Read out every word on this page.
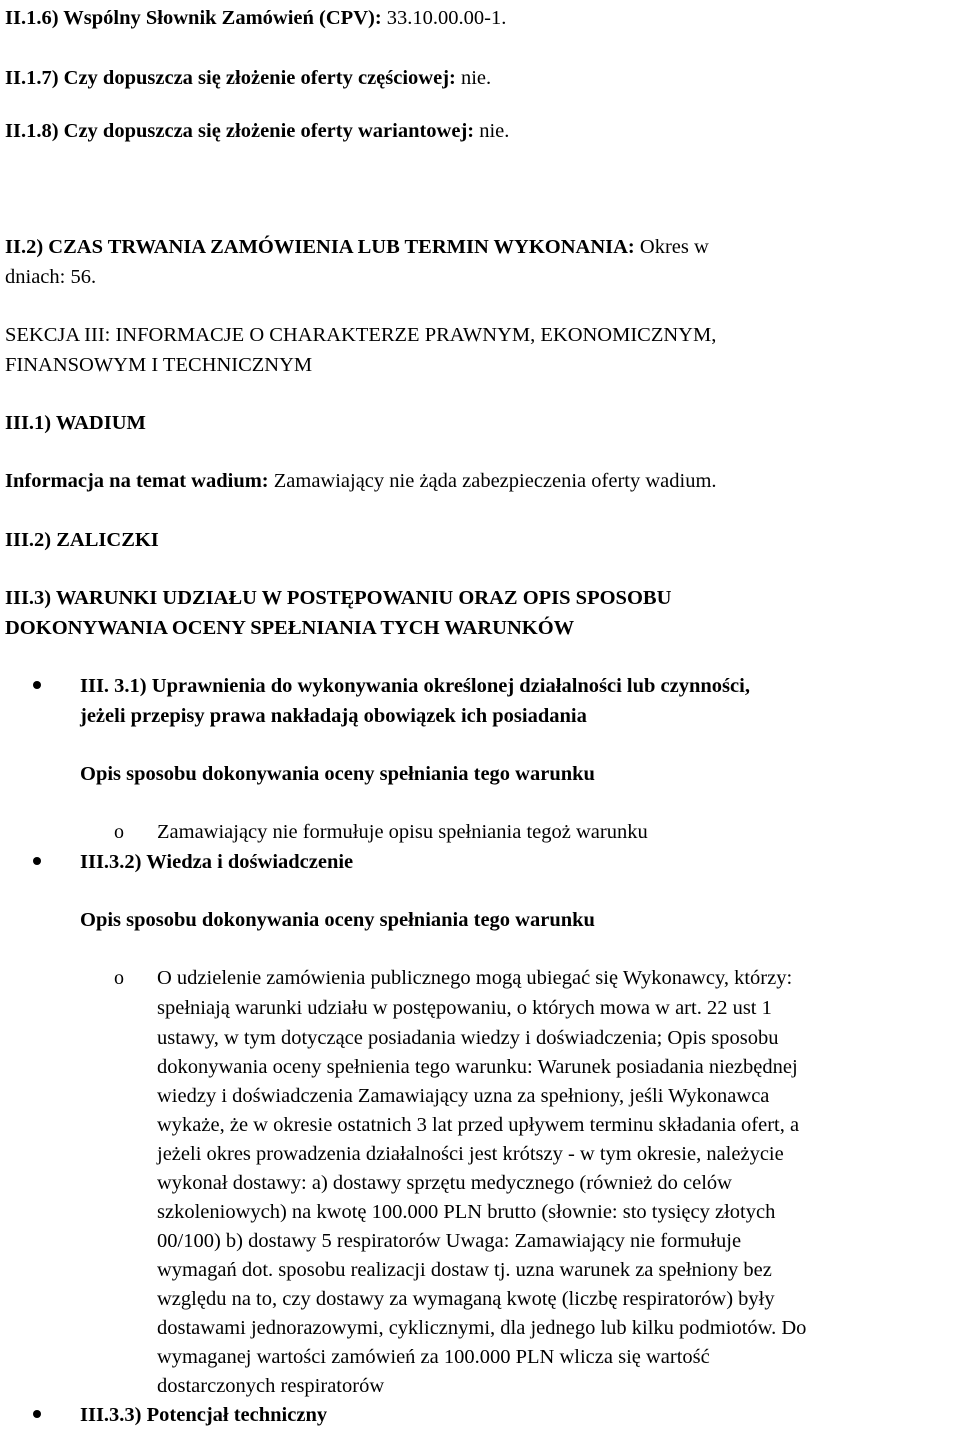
II.1.6) Wspólny Słownik Zamówień (CPV): 33.10.00.00-1.
II.1.7) Czy dopuszcza się złożenie oferty częściowej: nie.
II.1.8) Czy dopuszcza się złożenie oferty wariantowej: nie.
II.2) CZAS TRWANIA ZAMÓWIENIA LUB TERMIN WYKONANIA: Okres w
dniach: 56.
SEKCJA III: INFORMACJE O CHARAKTERZE PRAWNYM, EKONOMICZNYM,
FINANSOWYM I TECHNICZNYM
III.1) WADIUM
Informacja na temat wadium: Zamawiający nie żąda zabezpieczenia oferty wadium.
III.2) ZALICZKI
III.3) WARUNKI UDZIAŁU W POSTĘPOWANIU ORAZ OPIS SPOSOBU
DOKONYWANIA OCENY SPEŁNIANIA TYCH WARUNKÓW
III. 3.1) Uprawnienia do wykonywania określonej działalności lub czynności,
jeżeli przepisy prawa nakładają obowiązek ich posiadania
Opis sposobu dokonywania oceny spełniania tego warunku
o Zamawiający nie formułuje opisu spełniania tegoż warunku
III.3.2) Wiedza i doświadczenie
Opis sposobu dokonywania oceny spełniania tego warunku
o O udzielenie zamówienia publicznego mogą ubiegać się Wykonawcy, którzy:
spełniają warunki udziału w postępowaniu, o których mowa w art. 22 ust 1
ustawy, w tym dotyczące posiadania wiedzy i doświadczenia; Opis sposobu
dokonywania oceny spełnienia tego warunku: Warunek posiadania niezbędnej
wiedzy i doświadczenia Zamawiający uzna za spełniony, jeśli Wykonawca
wykaże, że w okresie ostatnich 3 lat przed upływem terminu składania ofert, a
jeżeli okres prowadzenia działalności jest krótszy - w tym okresie, należycie
wykonał dostawy: a) dostawy sprzętu medycznego (również do celów
szkoleniowych) na kwotę 100.000 PLN brutto (słownie: sto tysięcy złotych
00/100) b) dostawy 5 respiratorów Uwaga: Zamawiający nie formułuje
wymagań dot. sposobu realizacji dostaw tj. uzna warunek za spełniony bez
względu na to, czy dostawy za wymaganą kwotę (liczbę respiratorów) były
dostawami jednorazowymi, cyklicznymi, dla jednego lub kilku podmiotów. Do
wymaganej wartości zamówień za 100.000 PLN wlicza się wartość
dostarczonych respiratorów
III.3.3) Potencjał techniczny
